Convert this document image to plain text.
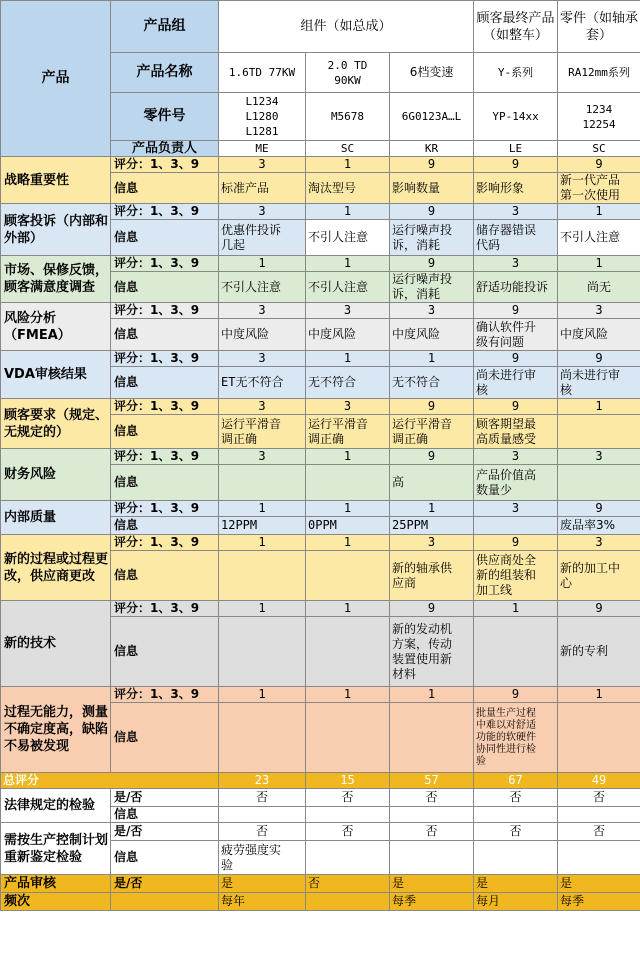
产品	产品组	组件（如总成）			顾客最终产品（如整车）	零件（如轴承套）
	产品名称	1.6TD 77KW	2.0 TD
90KW	6档变速	Y-系列	RA12mm系列
	零件号	L1234
L1280
L1281	M5678	6G0123A…L	YP-14xx	1234
12254
	产品负责人	ME	SC	KR	LE	SC
战略重要性	评分：1、3、9	3	1	9	9	9
	信息	标准产品	淘汰型号	影响数量	影响形象	新一代产品
第一次使用
顾客投诉（内部和外部）	评分：1、3、9	3	1	9	3	1
	信息	优惠件投诉
几起	不引人注意	运行噪声投
诉，消耗	储存器错误
代码	不引人注意
市场、保修反馈，顾客满意度调查	评分：1、3、9	1	1	9	3	1
	信息	不引人注意	不引人注意	运行噪声投
诉，消耗	舒适功能投诉	尚无
风险分析（FMEA）	评分：1、3、9	3	3	3	9	3
	信息	中度风险	中度风险	中度风险	确认软件升
级有问题	中度风险
VDA审核结果	评分：1、3、9	3	1	1	9	9
	信息	ET无不符合	无不符合	无不符合	尚未进行审
核	尚未进行审
核
顾客要求（规定、无规定的）	评分：1、3、9	3	3	9	9	1
	信息	运行平滑音
调正确	运行平滑音
调正确	运行平滑音
调正确	顾客期望最
高质量感受	
财务风险	评分：1、3、9	3	1	9	3	3
	信息			高	产品价值高
数量少	
内部质量	评分：1、3、9	1	1	1	3	9
	信息	12PPM	0PPM	25PPM		废品率3%
新的过程或过程更改，供应商更改	评分：1、3、9	1	1	3	9	3
	信息			新的轴承供
应商	供应商处全
新的组装和
加工线	新的加工中
心
新的技术	评分：1、3、9	1	1	9	1	9
	信息			新的发动机
方案，传动
装置使用新
材料		新的专利
过程无能力，测量不确定度高，缺陷不易被发现	评分：1、3、9	1	1	1	9	1
	信息				批量生产过程
中难以对舒适
功能的软硬件
协同性进行检
验	
总评分		23	15	57	67	49
法律规定的检验	是/否	否	否	否	否	否
	信息					
需按生产控制计划重新鉴定检验	是/否	否	否	否	否	否
	信息	疲劳强度实
验				
产品审核	是/否	是	否	是	是	是
频次		每年		每季	每月	每季
